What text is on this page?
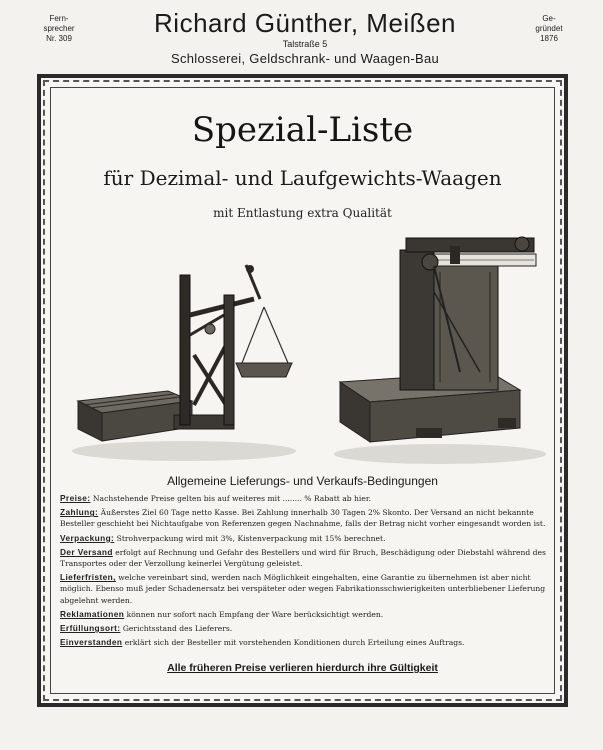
Fern-
sprecher
Nr. 309
Richard Günther, Meißen
Talstraße 5
Schlosserei, Geldschrank- und Waagen-Bau
Ge-
gründet
1876
Spezial-Liste
für Dezimal- und Laufgewichts-Waagen
mit Entlastung extra Qualität
Allgemeine Lieferungs- und Verkaufs-Bedingungen

Preise: Nachstehende Preise gelten bis auf weiteres mit ........ % Rabatt ab hier.

Zahlung: Äußerstes Ziel 60 Tage netto Kasse. Bei Zahlung innerhalb 30 Tagen 2% Skonto. Der Versand an nicht bekannte Besteller geschieht bei Nichtaufgabe von Referenzen gegen Nachnahme, falls der Betrag nicht vorher eingesandt worden ist.

Verpackung: Strohverpackung wird mit 3%, Kistenverpackung mit 15% berechnet.

Der Versand erfolgt auf Rechnung und Gefahr des Bestellers und wird für Bruch, Beschädigung oder Diebstahl während des Transportes oder der Verzollung keinerlei Vergütung geleistet.

Lieferfristen, welche vereinbart sind, werden nach Möglichkeit eingehalten, eine Garantie zu übernehmen ist aber nicht möglich. Ebenso muß jeder Schadenersatz bei verspäteter oder wegen Fabrikationsschwierigkeiten unterbliebener Lieferung abgelehnt werden.

Reklamationen können nur sofort nach Empfang der Ware berücksichtigt werden.

Erfüllungsort: Gerichtsstand des Lieferers.

Einverstanden erklärt sich der Besteller mit vorstehenden Konditionen durch Erteilung eines Auftrags.

Alle früheren Preise verlieren hierdurch ihre Gültigkeit
